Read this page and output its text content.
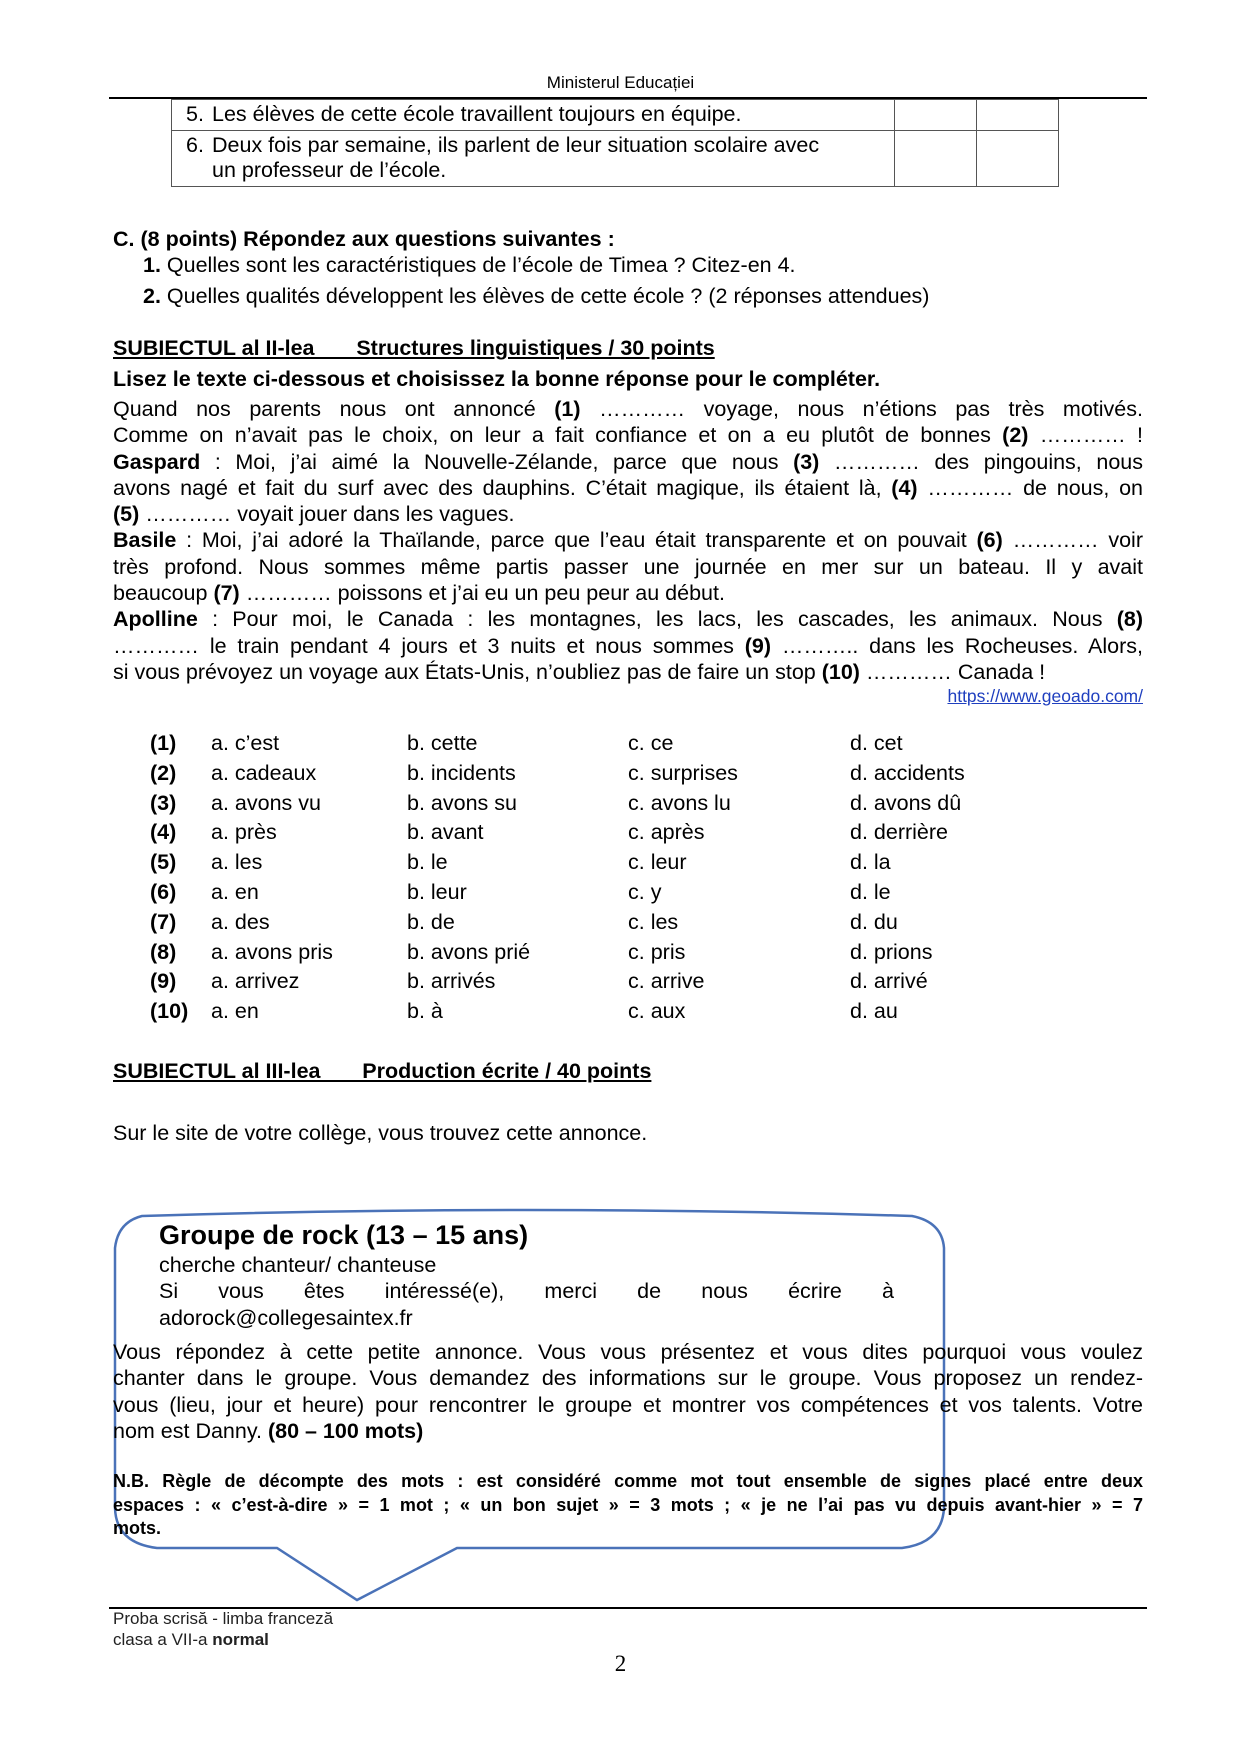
Ministerul Educației
5. Les élèves de cette école travaillent toujours en équipe.		
6. Deux fois par semaine, ils parlent de leur situation scolaire avec
un professeur de l’école.		

C. (8 points) Répondez aux questions suivantes :
1. Quelles sont les caractéristiques de l’école de Timea ? Citez-en 4.
2. Quelles qualités développent les élèves de cette école ? (2 réponses attendues)
SUBIECTUL al II-lea       Structures linguistiques / 30 points
Lisez le texte ci-dessous et choisissez la bonne réponse pour le compléter.
Quand nos parents nous ont annoncé (1) ………… voyage, nous n’étions pas très motivés.
Comme on n’avait pas le choix, on leur a fait confiance et on a eu plutôt de bonnes (2) ………… !
Gaspard : Moi, j’ai aimé la Nouvelle-Zélande, parce que nous (3) ………… des pingouins, nous
avons nagé et fait du surf avec des dauphins. C’était magique, ils étaient là, (4) ………… de nous, on
(5) ………… voyait jouer dans les vagues.
Basile : Moi, j’ai adoré la Thaïlande, parce que l’eau était transparente et on pouvait (6) ………… voir
très profond. Nous sommes même partis passer une journée en mer sur un bateau. Il y avait
beaucoup (7) ………… poissons et j’ai eu un peu peur au début.
Apolline : Pour moi, le Canada : les montagnes, les lacs, les cascades, les animaux. Nous (8)
………… le train pendant 4 jours et 3 nuits et nous sommes (9) ……….. dans les Rocheuses. Alors,
si vous prévoyez un voyage aux États-Unis, n’oubliez pas de faire un stop (10) ………… Canada !
https://www.geoado.com/
(1) a. c’est	b. cette	c. ce	d. cet
(2) a. cadeaux	b. incidents	c. surprises	d. accidents
(3) a. avons vu	b. avons su	c. avons lu	d. avons dû
(4) a. près	b. avant	c. après	d. derrière
(5) a. les	b. le	c. leur	d. la
(6) a. en	b. leur	c. y	d. le
(7) a. des	b. de	c. les	d. du
(8) a. avons pris	b. avons prié	c. pris	d. prions
(9) a. arrivez	b. arrivés	c. arrive	d. arrivé
(10) a. en	b. à	c. aux	d. au
SUBIECTUL al III-lea       Production écrite / 40 points
Sur le site de votre collège, vous trouvez cette annonce.
Groupe de rock (13 – 15 ans)
cherche chanteur/ chanteuse
Si vous êtes intéressé(e), merci de nous écrire à
adorock@collegesaintex.fr
Vous répondez à cette petite annonce. Vous vous présentez et vous dites pourquoi vous voulez
chanter dans le groupe. Vous demandez des informations sur le groupe. Vous proposez un rendez-
vous (lieu, jour et heure) pour rencontrer le groupe et montrer vos compétences et vos talents. Votre
nom est Danny. (80 – 100 mots)
N.B. Règle de décompte des mots : est considéré comme mot tout ensemble de signes placé entre deux
espaces : « c’est-à-dire » = 1 mot ; « un bon sujet » = 3 mots ; « je ne l’ai pas vu depuis avant-hier » = 7
mots.
Proba scrisă - limba franceză
clasa a VII-a normal
2
